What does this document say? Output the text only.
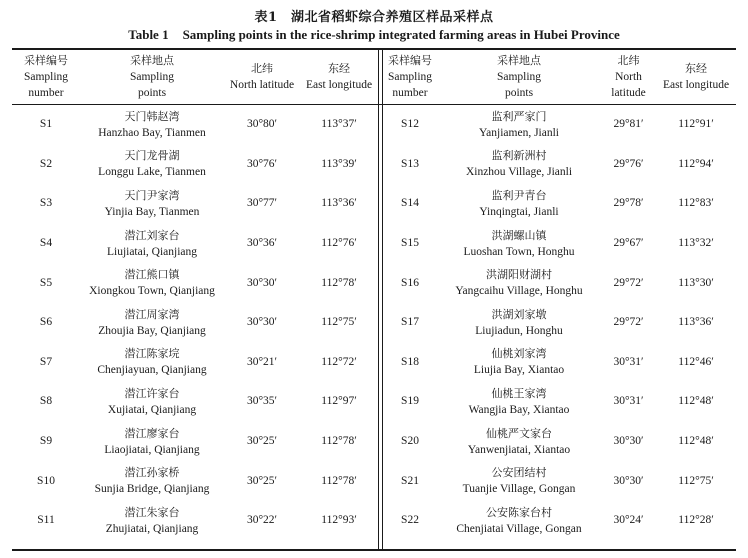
表1　湖北省稻虾综合养殖区样品采样点
Table 1 Sampling points in the rice-shrimp integrated farming areas in Hubei Province
采样编号
Sampling
number
采样地点
Sampling
points
北纬
North latitude
东经
East longitude
S1
天门韩赵湾
Hanzhao Bay, Tianmen
30°80′	113°37′
S2
天门龙骨湖
Longgu Lake, Tianmen
30°76′	113°39′
S3
天门尹家湾
Yinjia Bay, Tianmen
30°77′	113°36′
S4
潜江刘家台
Liujiatai, Qianjiang
30°36′	112°76′
S5
潜江熊口镇
Xiongkou Town, Qianjiang
30°30′	112°78′
S6
潜江周家湾
Zhoujia Bay, Qianjiang
30°30′	112°75′
S7
潜江陈家垸
Chenjiayuan, Qianjiang
30°21′	112°72′
S8
潜江许家台
Xujiatai, Qianjiang
30°35′	112°97′
S9
潜江廖家台
Liaojiatai, Qianjiang
30°25′	112°78′
S10
潜江孙家桥
Sunjia Bridge, Qianjiang
30°25′	112°78′
S11
潜江朱家台
Zhujiatai, Qianjiang
30°22′	112°93′
采样编号
Sampling
number
采样地点
Sampling
points
北纬
North
latitude
东经
East longitude
S12
监利严家门
Yanjiamen, Jianli
29°81′	112°91′
S13
监利新洲村
Xinzhou Village, Jianli
29°76′	112°94′
S14
监利尹青台
Yinqingtai, Jianli
29°78′	112°83′
S15
洪湖螺山镇
Luoshan Town, Honghu
29°67′	113°32′
S16
洪湖阳财湖村
Yangcaihu Village, Honghu
29°72′	113°30′
S17
洪湖刘家墩
Liujiadun, Honghu
29°72′	113°36′
S18
仙桃刘家湾
Liujia Bay, Xiantao
30°31′	112°46′
S19
仙桃王家湾
Wangjia Bay, Xiantao
30°31′	112°48′
S20
仙桃严文家台
Yanwenjiatai, Xiantao
30°30′	112°48′
S21
公安团结村
Tuanjie Village, Gongan
30°30′	112°75′
S22
公安陈家台村
Chenjiatai Village, Gongan
30°24′	112°28′
